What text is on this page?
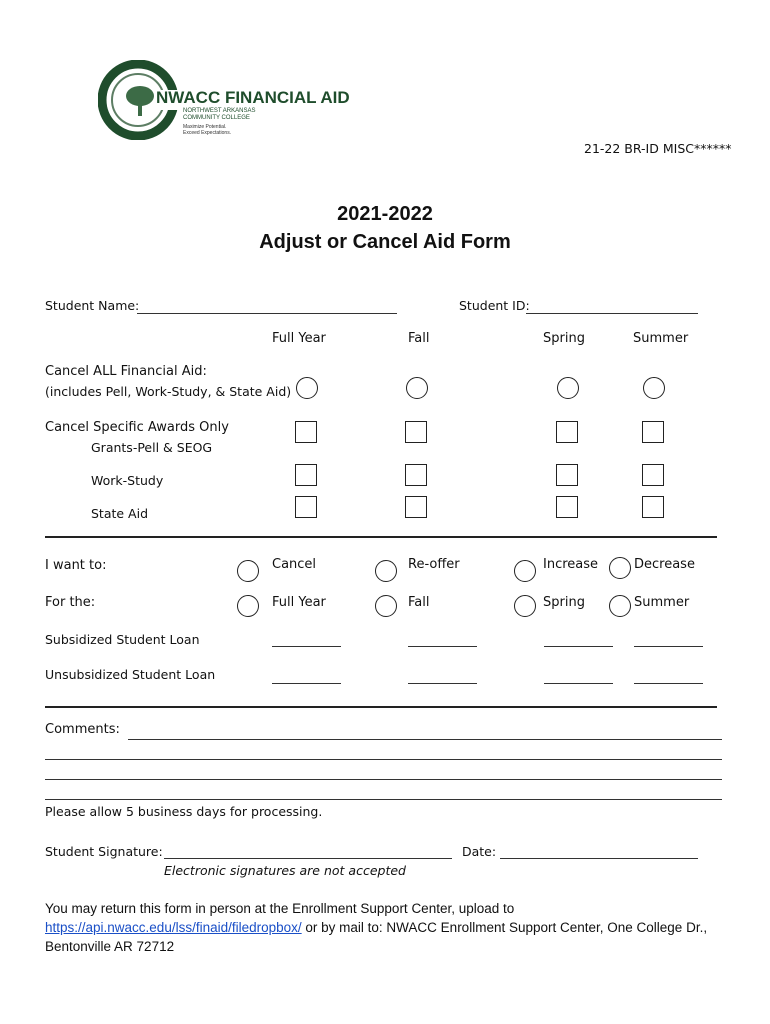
NWACC FINANCIAL AID
NORTHWEST ARKANSAS
COMMUNITY COLLEGE
Maximize Potential.
Exceed Expectations.
21-22 BR-ID MISC******
2021-2022
Adjust or Cancel Aid Form
Student Name:	Student ID:
Full Year	Fall	Spring	Summer
Cancel ALL Financial Aid:
(includes Pell, Work-Study, & State Aid)
Cancel Specific Awards Only
Grants-Pell & SEOG
Work-Study
State Aid
I want to:	Cancel	Re-offer	Increase	Decrease
For the:	Full Year	Fall	Spring	Summer
Subsidized Student Loan
Unsubsidized Student Loan
Comments:
Please allow 5 business days for processing.
Student Signature:	Date:
Electronic signatures are not accepted
You may return this form in person at the Enrollment Support Center, upload to
https://api.nwacc.edu/lss/finaid/filedropbox/ or by mail to: NWACC Enrollment Support Center, One College Dr.,
Bentonville AR 72712
